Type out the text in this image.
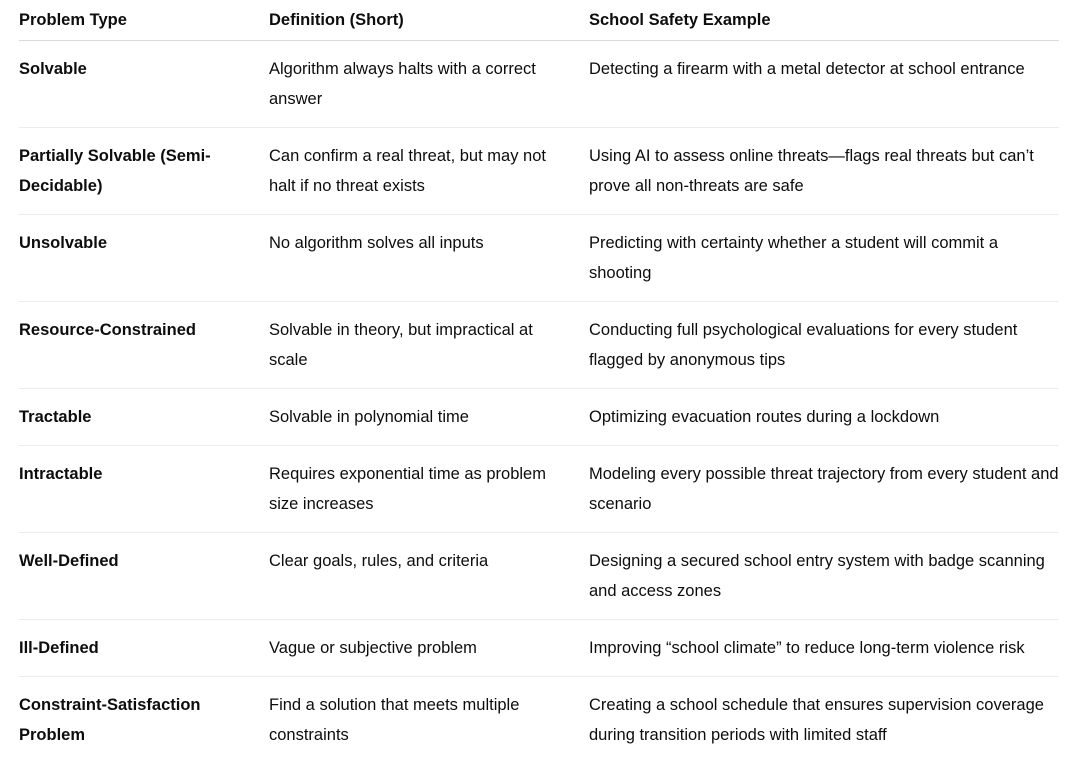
Problem Type	Definition (Short)	School Safety Example
Solvable	Algorithm always halts with a correct answer	Detecting a firearm with a metal detector at school entrance
Partially Solvable (Semi-Decidable)	Can confirm a real threat, but may not halt if no threat exists	Using AI to assess online threats—flags real threats but can’t prove all non-threats are safe
Unsolvable	No algorithm solves all inputs	Predicting with certainty whether a student will commit a shooting
Resource-Constrained	Solvable in theory, but impractical at scale	Conducting full psychological evaluations for every student flagged by anonymous tips
Tractable	Solvable in polynomial time	Optimizing evacuation routes during a lockdown
Intractable	Requires exponential time as problem size increases	Modeling every possible threat trajectory from every student and scenario
Well-Defined	Clear goals, rules, and criteria	Designing a secured school entry system with badge scanning and access zones
Ill-Defined	Vague or subjective problem	Improving “school climate” to reduce long-term violence risk
Constraint-Satisfaction Problem	Find a solution that meets multiple constraints	Creating a school schedule that ensures supervision coverage during transition periods with limited staff
